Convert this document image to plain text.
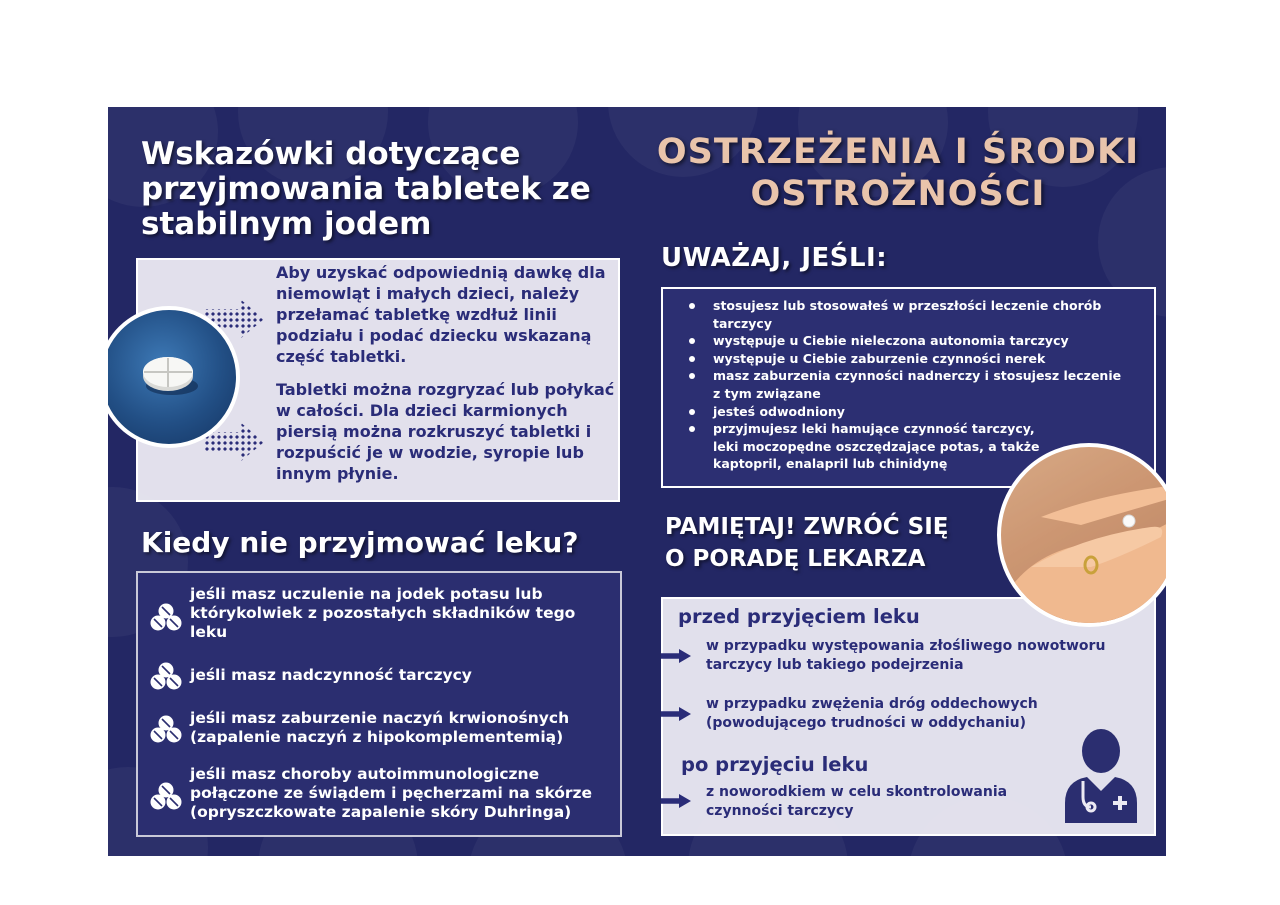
Wskazówki dotyczące przyjmowania tabletek ze stabilnym jodem

Aby uzyskać odpowiednią dawkę dla niemowląt i małych dzieci, należy przełamać tabletkę wzdłuż linii podziału i podać dziecku wskazaną część tabletki.

Tabletki można rozgryzać lub połykać w całości. Dla dzieci karmionych piersią można rozkruszyć tabletki i rozpuścić je w wodzie, syropie lub innym płynie.

Kiedy nie przyjmować leku?
jeśli masz uczulenie na jodek potasu lub którykolwiek z pozostałych składników tego leku
jeśli masz nadczynność tarczycy
jeśli masz zaburzenie naczyń krwionośnych (zapalenie naczyń z hipokomplementemią)
jeśli masz choroby autoimmunologiczne połączone ze świądem i pęcherzami na skórze (opryszczkowate zapalenie skóry Duhringa)
OSTRZEŻENIA I ŚRODKI OSTROŻNOŚCI
UWAŻAJ, JEŚLI:
stosujesz lub stosowałeś w przeszłości leczenie chorób tarczycy
występuje u Ciebie nieleczona autonomia tarczycy
występuje u Ciebie zaburzenie czynności nerek
masz zaburzenia czynności nadnerczy i stosujesz leczenie z tym związane
jesteś odwodniony
przyjmujesz leki hamujące czynność tarczycy, leki moczopędne oszczędzające potas, a także kaptopril, enalapril lub chinidynę
PAMIĘTAJ! ZWRÓĆ SIĘ O PORADĘ LEKARZA
przed przyjęciem leku
w przypadku występowania złośliwego nowotworu tarczycy lub takiego podejrzenia
w przypadku zwężenia dróg oddechowych (powodującego trudności w oddychaniu)
po przyjęciu leku
z noworodkiem w celu skontrolowania czynności tarczycy
